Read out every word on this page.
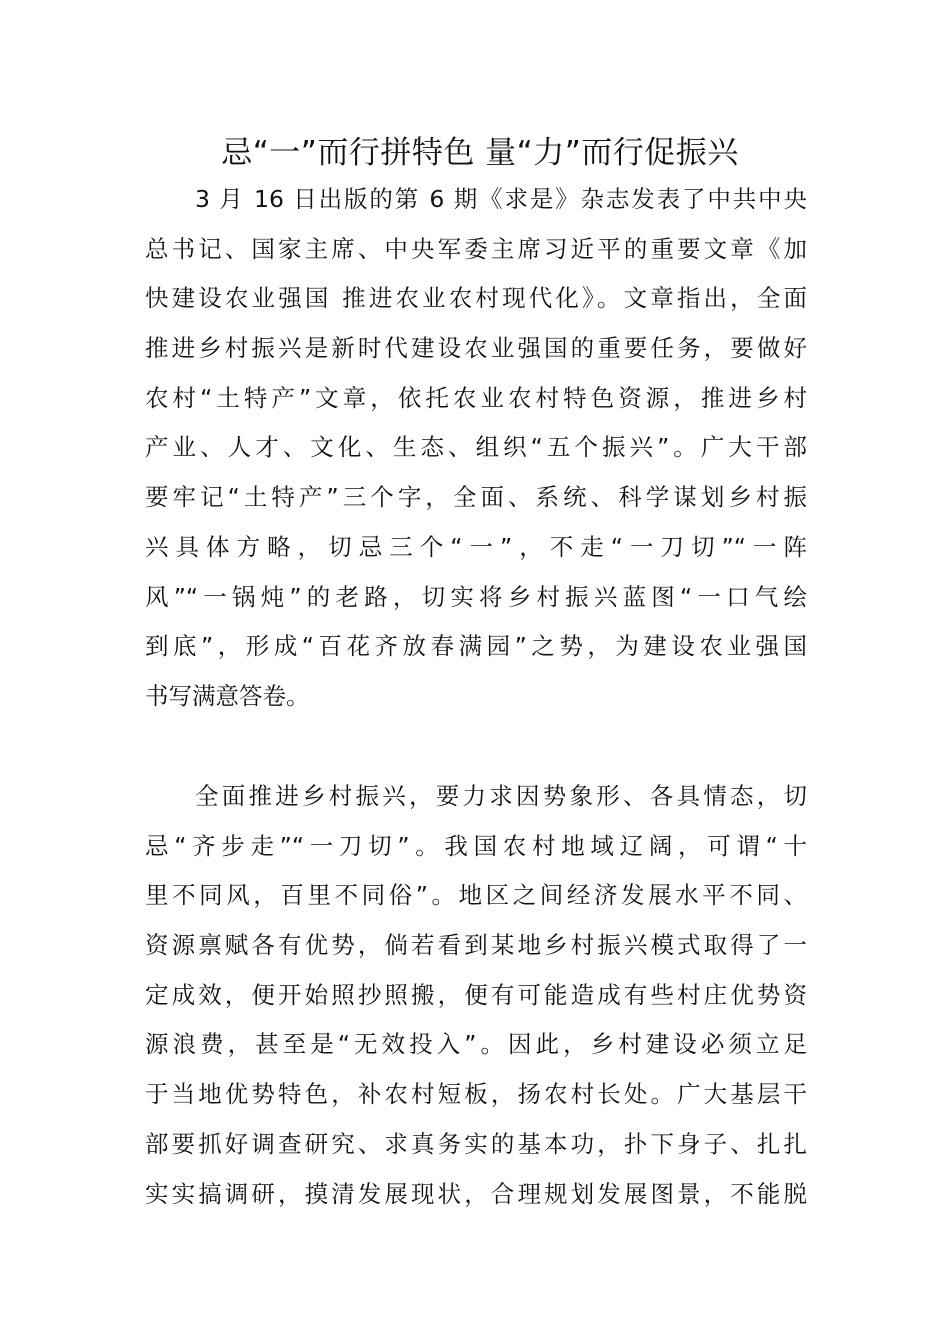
忌“一”而行拼特色 量“力”而行促振兴
3 月 16 日出版的第 6 期《求是》杂志发表了中共中央
总书记、国家主席、中央军委主席习近平的重要文章《加
快建设农业强国 推进农业农村现代化》。文章指出，全面
推进乡村振兴是新时代建设农业强国的重要任务，要做好
农村“土特产”文章，依托农业农村特色资源，推进乡村
产业、人才、文化、生态、组织“五个振兴”。广大干部
要牢记“土特产”三个字，全面、系统、科学谋划乡村振
兴具体方略，切忌三个“一”，不走“一刀切”“一阵
风”“一锅炖”的老路，切实将乡村振兴蓝图“一口气绘
到底”，形成“百花齐放春满园”之势，为建设农业强国
书写满意答卷。
全面推进乡村振兴，要力求因势象形、各具情态，切
忌“齐步走”“一刀切”。我国农村地域辽阔，可谓“十
里不同风，百里不同俗”。地区之间经济发展水平不同、
资源禀赋各有优势，倘若看到某地乡村振兴模式取得了一
定成效，便开始照抄照搬，便有可能造成有些村庄优势资
源浪费，甚至是“无效投入”。因此，乡村建设必须立足
于当地优势特色，补农村短板，扬农村长处。广大基层干
部要抓好调查研究、求真务实的基本功，扑下身子、扎扎
实实搞调研，摸清发展现状，合理规划发展图景，不能脱
